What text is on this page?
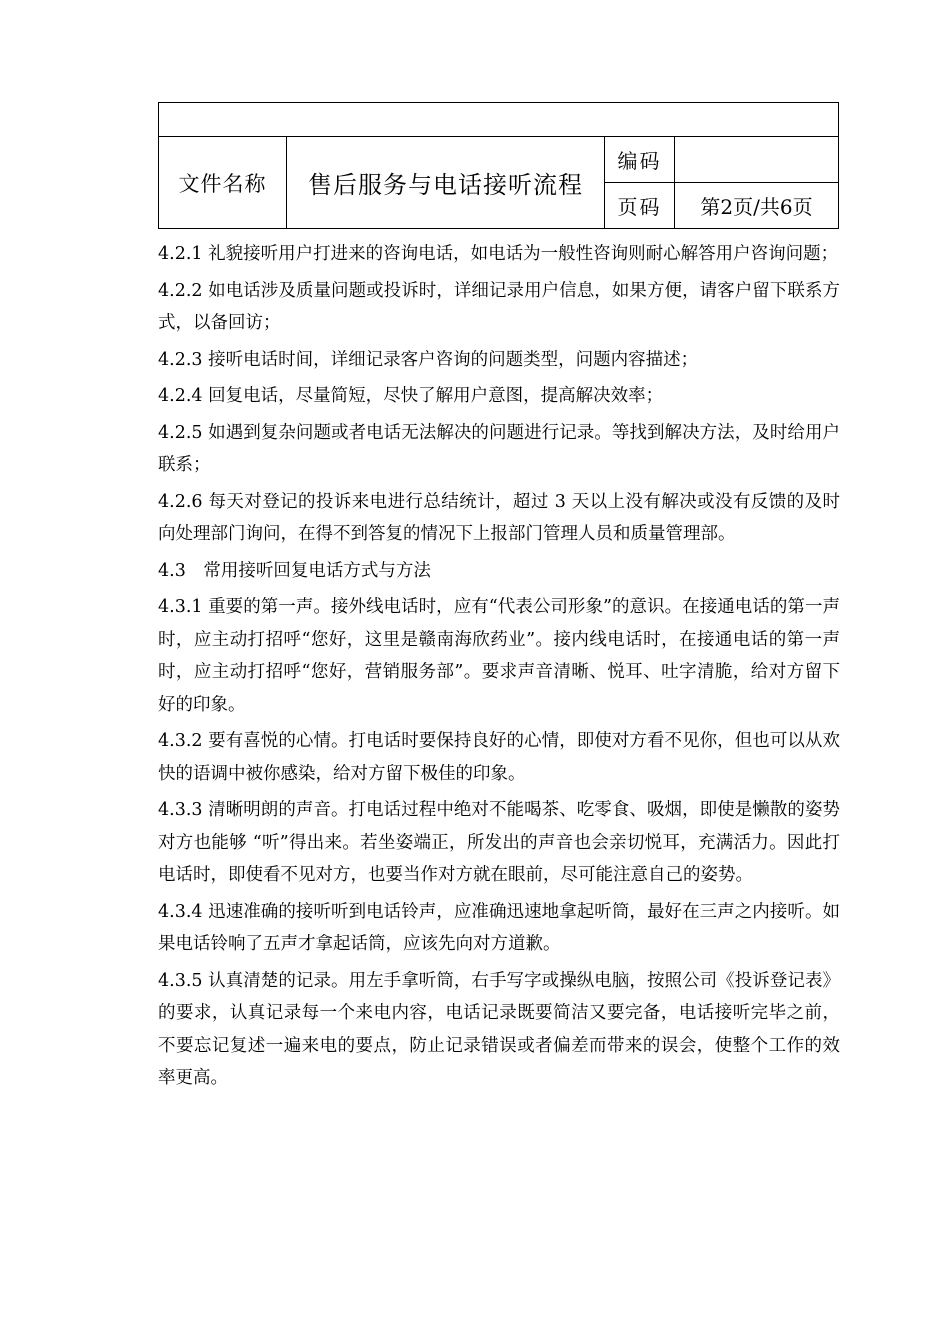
文件名称	售后服务与电话接听流程	编码	
		页码	第2页/共6页

4.2.1 礼貌接听用户打进来的咨询电话，如电话为一般性咨询则耐心解答用户咨询问题；

4.2.2 如电话涉及质量问题或投诉时，详细记录用户信息，如果方便，请客户留下联系方式，以备回访；

4.2.3 接听电话时间，详细记录客户咨询的问题类型，问题内容描述；

4.2.4 回复电话，尽量简短，尽快了解用户意图，提高解决效率；

4.2.5 如遇到复杂问题或者电话无法解决的问题进行记录。等找到解决方法，及时给用户联系；

4.2.6 每天对登记的投诉来电进行总结统计，超过 3 天以上没有解决或没有反馈的及时向处理部门询问，在得不到答复的情况下上报部门管理人员和质量管理部。

4.3　常用接听回复电话方式与方法

4.3.1 重要的第一声。接外线电话时，应有“代表公司形象”的意识。在接通电话的第一声时，应主动打招呼“您好，这里是赣南海欣药业”。接内线电话时，在接通电话的第一声时，应主动打招呼“您好，营销服务部”。要求声音清晰、悦耳、吐字清脆，给对方留下好的印象。

4.3.2 要有喜悦的心情。打电话时要保持良好的心情，即使对方看不见你，但也可以从欢快的语调中被你感染，给对方留下极佳的印象。

4.3.3 清晰明朗的声音。打电话过程中绝对不能喝茶、吃零食、吸烟，即使是懒散的姿势对方也能够 “听”得出来。若坐姿端正，所发出的声音也会亲切悦耳，充满活力。因此打电话时，即使看不见对方，也要当作对方就在眼前，尽可能注意自己的姿势。

4.3.4 迅速准确的接听听到电话铃声，应准确迅速地拿起听筒，最好在三声之内接听。如果电话铃响了五声才拿起话筒，应该先向对方道歉。

4.3.5 认真清楚的记录。用左手拿听筒，右手写字或操纵电脑，按照公司《投诉登记表》的要求，认真记录每一个来电内容，电话记录既要简洁又要完备，电话接听完毕之前，不要忘记复述一遍来电的要点，防止记录错误或者偏差而带来的误会，使整个工作的效率更高。
